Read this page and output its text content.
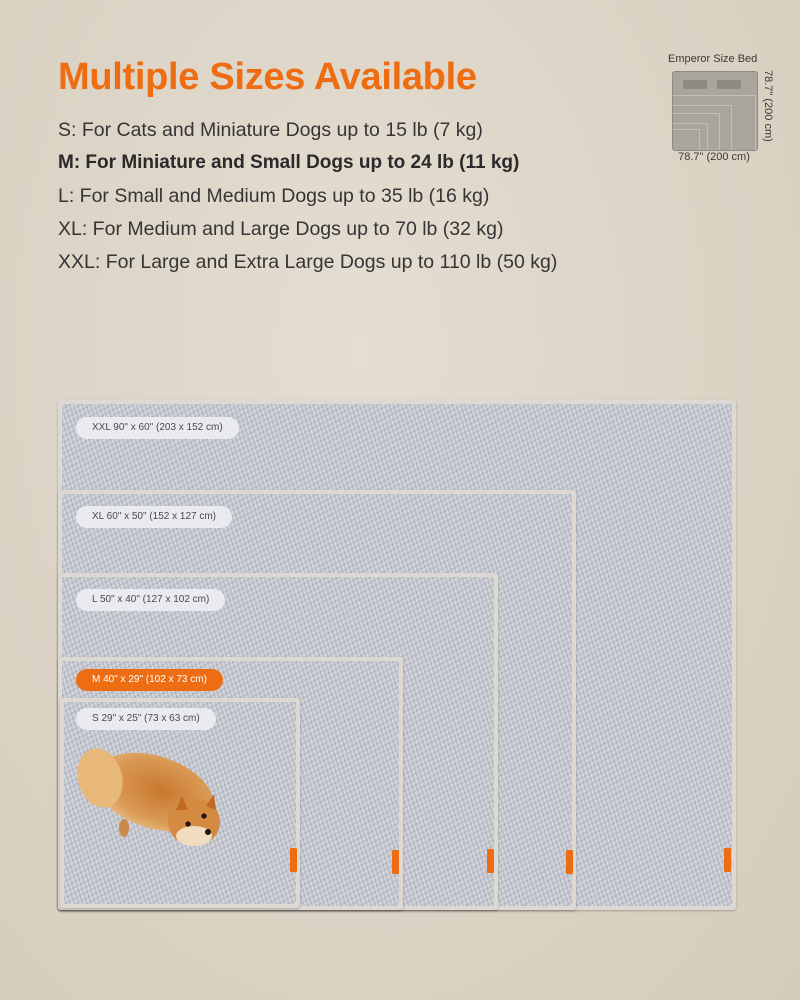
Multiple Sizes Available
S: For Cats and Miniature Dogs up to 15 lb (7 kg)
M: For Miniature and Small Dogs up to 24 lb (11 kg)
L: For Small and Medium Dogs up to 35 lb (16 kg)
XL: For Medium and Large Dogs up to 70 lb (32 kg)
XXL: For Large and Extra Large Dogs up to 110 lb (50 kg)
Emperor Size Bed
78.7" (200 cm)
78.7" (200 cm)
XXL 90" x 60" (203 x 152 cm)
XL 60" x 50" (152 x 127 cm)
L 50" x 40" (127 x 102 cm)
M 40" x 29" (102 x 73 cm)
S 29" x 25" (73 x 63 cm)
